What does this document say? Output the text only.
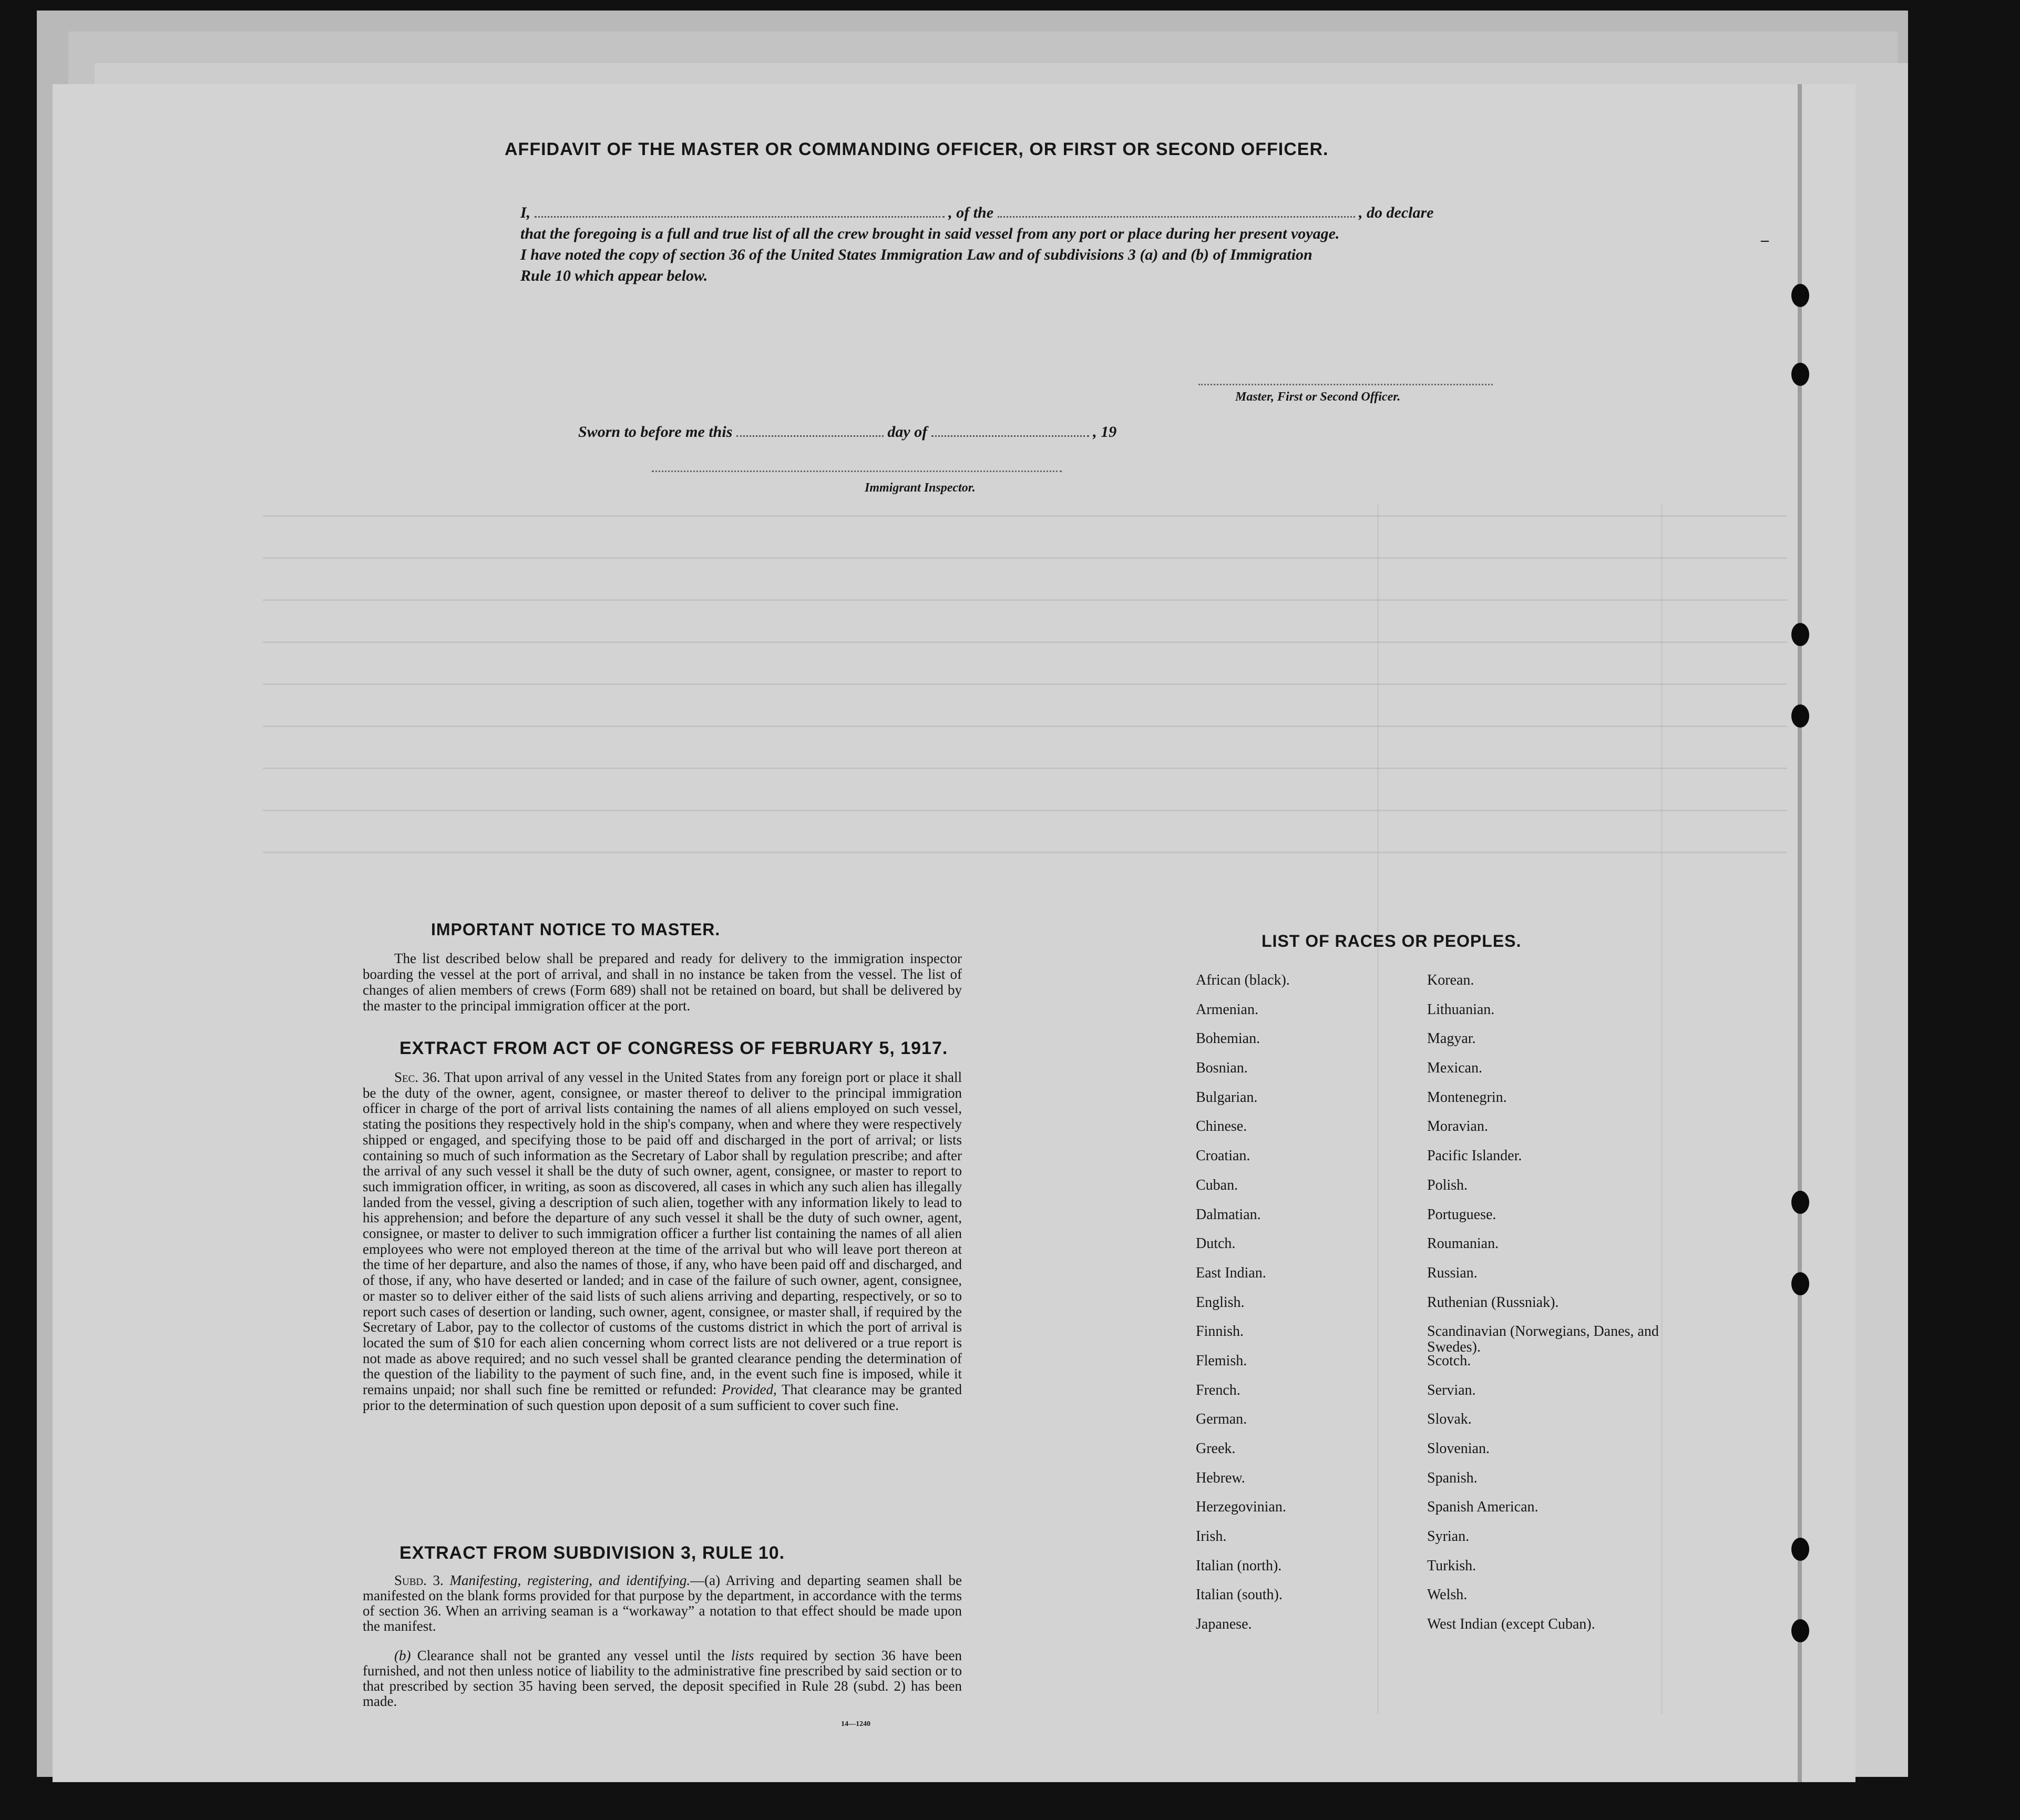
AFFIDAVIT OF THE MASTER OR COMMANDING OFFICER, OR FIRST OR SECOND OFFICER.
I,	, of the	, do declare
that the foregoing is a full and true list of all the crew brought in said vessel from any port or place during her present voyage.
I have noted the copy of section 36 of the United States Immigration Law and of subdivisions 3 (a) and (b) of Immigration
Rule 10 which appear below.
Master, First or Second Officer.
Sworn to before me this	day of	, 19
Immigrant Inspector.
–
IMPORTANT NOTICE TO MASTER.
The list described below shall be prepared and ready for delivery to the immigration inspector boarding the vessel at the port of arrival, and shall in no instance be taken from the vessel. The list of changes of alien members of crews (Form 689) shall not be retained on board, but shall be delivered by the master to the principal immigration officer at the port.
EXTRACT FROM ACT OF CONGRESS OF FEBRUARY 5, 1917.
Sec. 36. That upon arrival of any vessel in the United States from any foreign port or place it shall be the duty of the owner, agent, consignee, or master thereof to deliver to the principal immigration officer in charge of the port of arrival lists containing the names of all aliens employed on such vessel, stating the positions they respectively hold in the ship's company, when and where they were respectively shipped or engaged, and specifying those to be paid off and discharged in the port of arrival; or lists containing so much of such information as the Secretary of Labor shall by regulation prescribe; and after the arrival of any such vessel it shall be the duty of such owner, agent, consignee, or master to report to such immigration officer, in writing, as soon as discovered, all cases in which any such alien has illegally landed from the vessel, giving a description of such alien, together with any information likely to lead to his apprehension; and before the departure of any such vessel it shall be the duty of such owner, agent, consignee, or master to deliver to such immigration officer a further list containing the names of all alien employees who were not employed thereon at the time of the arrival but who will leave port thereon at the time of her departure, and also the names of those, if any, who have been paid off and discharged, and of those, if any, who have deserted or landed; and in case of the failure of such owner, agent, consignee, or master so to deliver either of the said lists of such aliens arriving and departing, respectively, or so to report such cases of desertion or landing, such owner, agent, consignee, or master shall, if required by the Secretary of Labor, pay to the collector of customs of the customs district in which the port of arrival is located the sum of $10 for each alien concerning whom correct lists are not delivered or a true report is not made as above required; and no such vessel shall be granted clearance pending the determination of the question of the liability to the payment of such fine, and, in the event such fine is imposed, while it remains unpaid; nor shall such fine be remitted or refunded: Provided, That clearance may be granted prior to the determination of such question upon deposit of a sum sufficient to cover such fine.
EXTRACT FROM SUBDIVISION 3, RULE 10.
Subd. 3. Manifesting, registering, and identifying.—(a) Arriving and departing seamen shall be manifested on the blank forms provided for that purpose by the department, in accordance with the terms of section 36. When an arriving seaman is a “workaway” a notation to that effect should be made upon the manifest.
(b) Clearance shall not be granted any vessel until the lists required by section 36 have been furnished, and not then unless notice of liability to the administrative fine prescribed by said section or to that prescribed by section 35 having been served, the deposit specified in Rule 28 (subd. 2) has been made.
14—1240
LIST OF RACES OR PEOPLES.
African (black).
Armenian.
Bohemian.
Bosnian.
Bulgarian.
Chinese.
Croatian.
Cuban.
Dalmatian.
Dutch.
East Indian.
English.
Finnish.
Flemish.
French.
German.
Greek.
Hebrew.
Herzegovinian.
Irish.
Italian (north).
Italian (south).
Japanese.
Korean.
Lithuanian.
Magyar.
Mexican.
Montenegrin.
Moravian.
Pacific Islander.
Polish.
Portuguese.
Roumanian.
Russian.
Ruthenian (Russniak).
Scandinavian (Norwegians, Danes, and Swedes).
Scotch.
Servian.
Slovak.
Slovenian.
Spanish.
Spanish American.
Syrian.
Turkish.
Welsh.
West Indian (except Cuban).
